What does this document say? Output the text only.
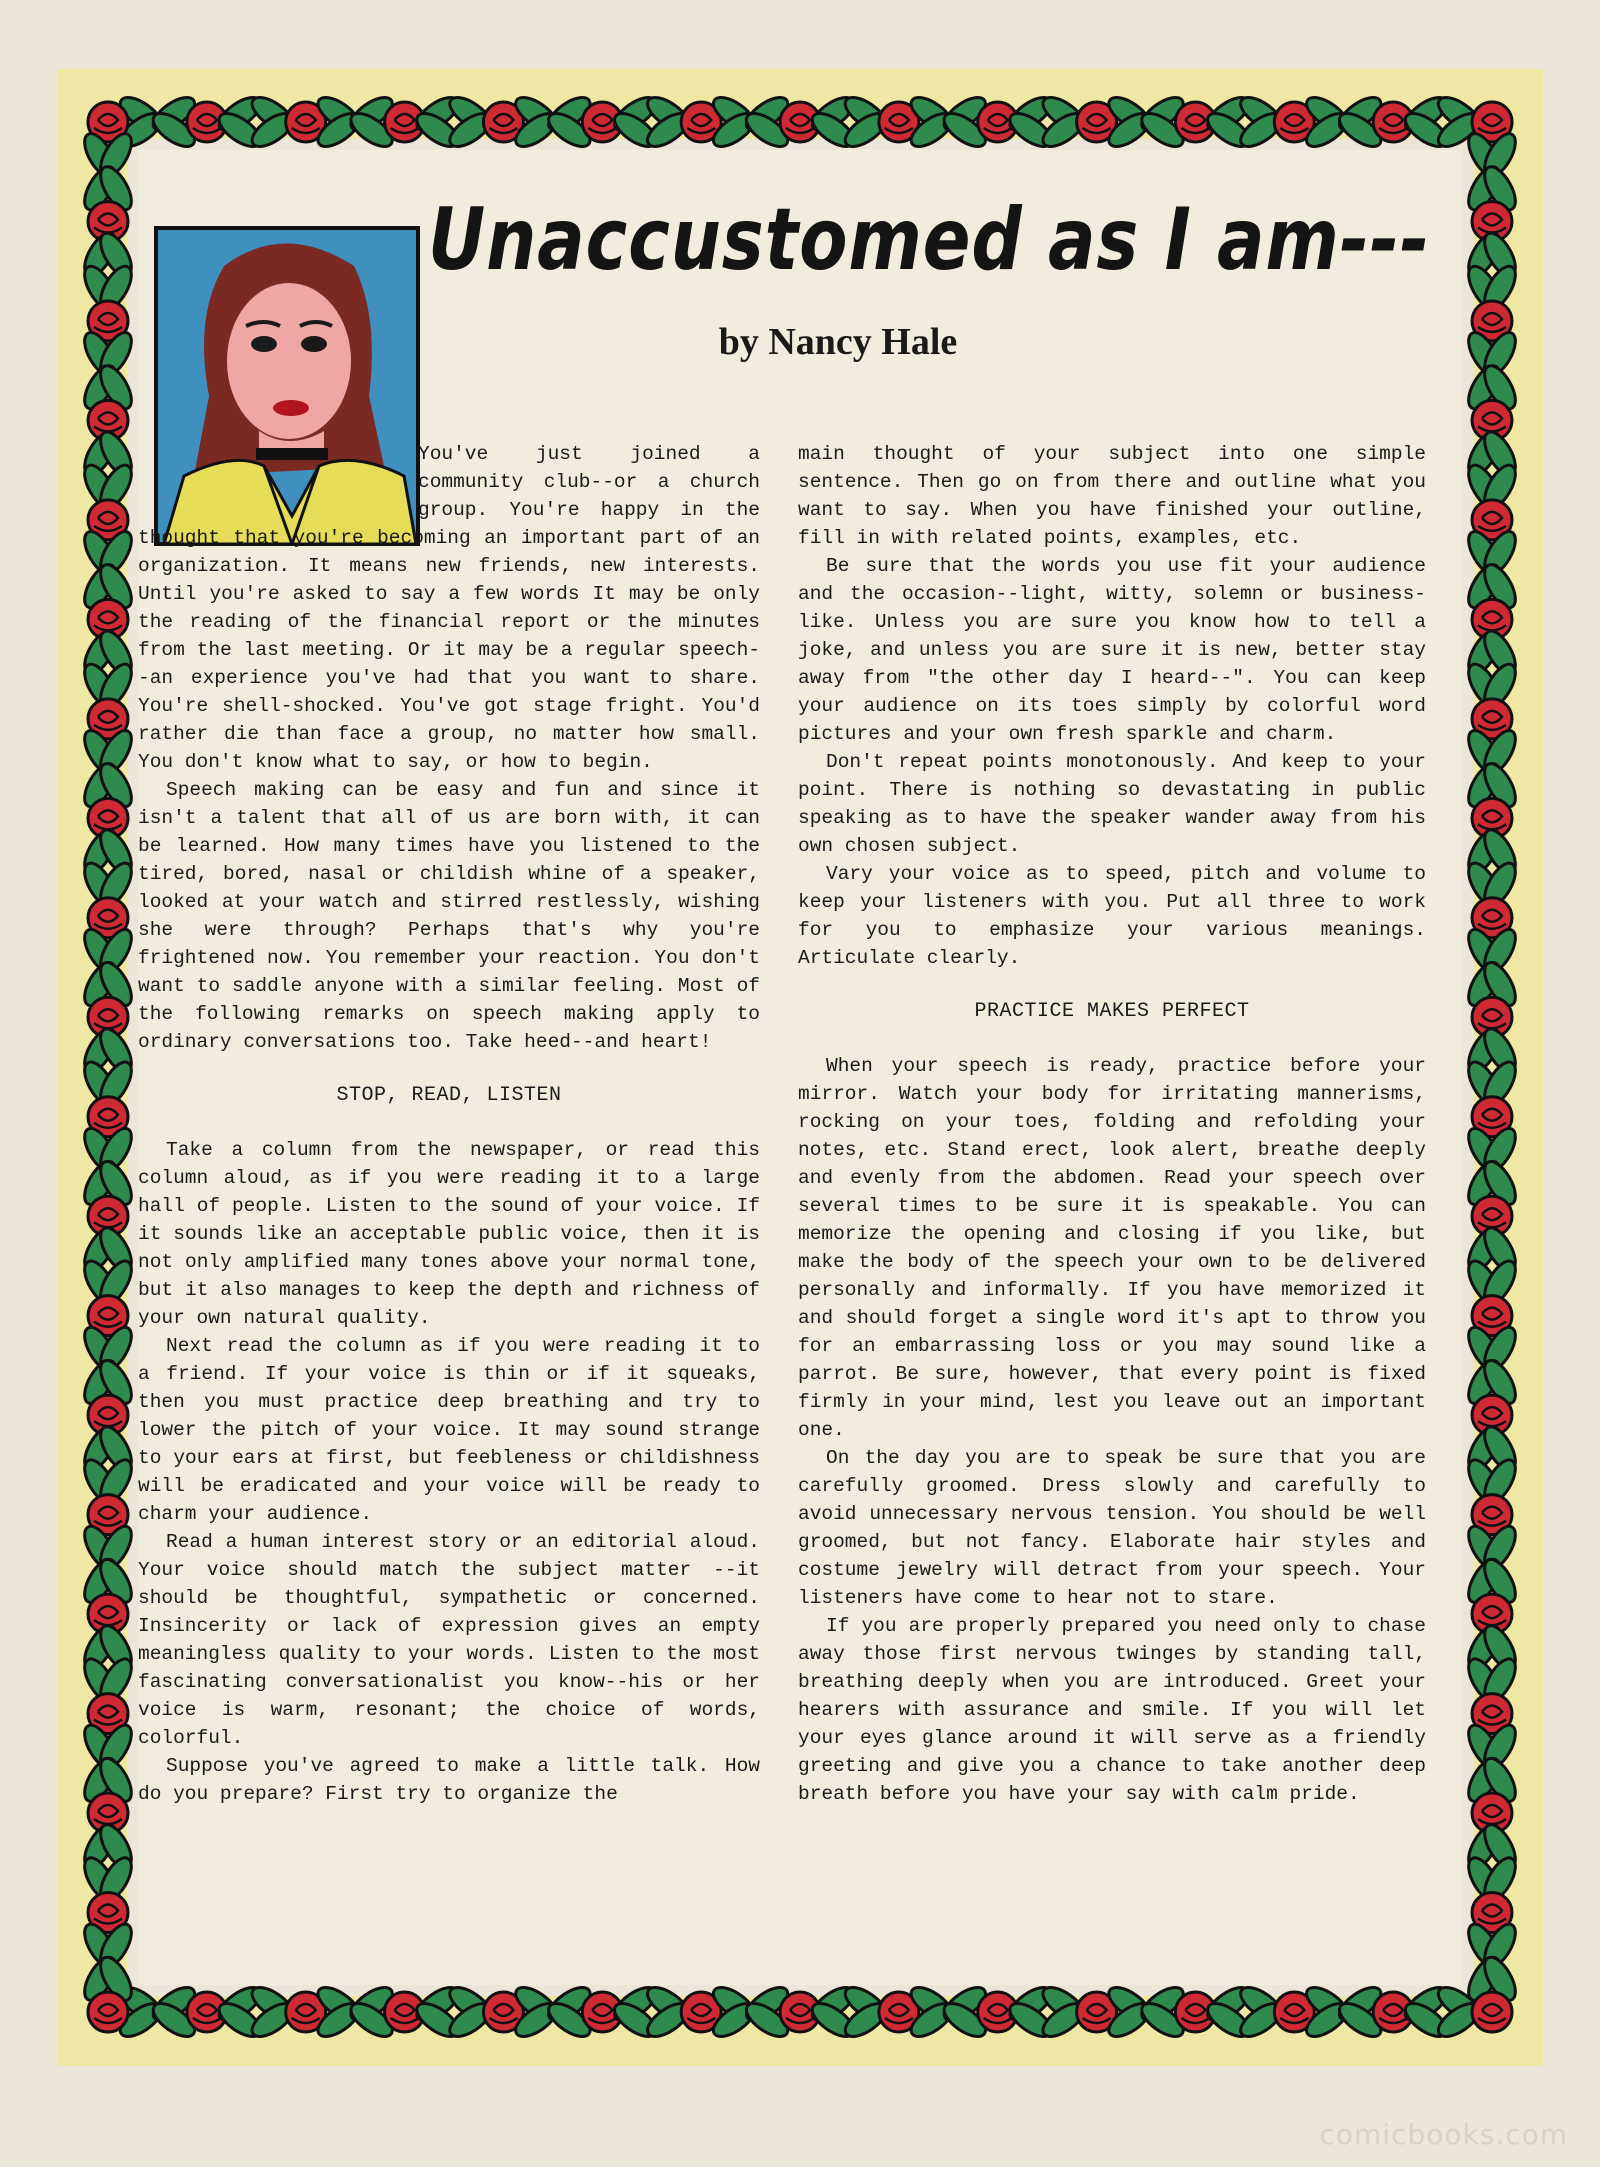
Unaccustomed as I am---
by Nancy Hale

You've just joined a community club--or a church group. You're happy in the thought that you're becoming an important part of an organization. It means new friends, new interests. Until you're asked to say a few words It may be only the reading of the financial report or the minutes from the last meeting. Or it may be a regular speech--an experience you've had that you want to share. You're shell-shocked. You've got stage fright. You'd rather die than face a group, no matter how small. You don't know what to say, or how to begin.

Speech making can be easy and fun and since it isn't a talent that all of us are born with, it can be learned. How many times have you listened to the tired, bored, nasal or childish whine of a speaker, looked at your watch and stirred restlessly, wishing she were through? Perhaps that's why you're frightened now. You remember your reaction. You don't want to saddle anyone with a similar feeling. Most of the following remarks on speech making apply to ordinary conversations too. Take heed--and heart!

STOP, READ, LISTEN

Take a column from the newspaper, or read this column aloud, as if you were reading it to a large hall of people. Listen to the sound of your voice. If it sounds like an acceptable public voice, then it is not only amplified many tones above your normal tone, but it also manages to keep the depth and richness of your own natural quality.

Next read the column as if you were reading it to a friend. If your voice is thin or if it squeaks, then you must practice deep breathing and try to lower the pitch of your voice. It may sound strange to your ears at first, but feebleness or childishness will be eradicated and your voice will be ready to charm your audience.

Read a human interest story or an editorial aloud. Your voice should match the subject matter --it should be thoughtful, sympathetic or concerned. Insincerity or lack of expression gives an empty meaningless quality to your words. Listen to the most fascinating conversationalist you know--his or her voice is warm, resonant; the choice of words, colorful.

Suppose you've agreed to make a little talk. How do you prepare? First try to organize the

main thought of your subject into one simple sentence. Then go on from there and outline what you want to say. When you have finished your outline, fill in with related points, examples, etc.

Be sure that the words you use fit your audience and the occasion--light, witty, solemn or business-like. Unless you are sure you know how to tell a joke, and unless you are sure it is new, better stay away from "the other day I heard--". You can keep your audience on its toes simply by colorful word pictures and your own fresh sparkle and charm.

Don't repeat points monotonously. And keep to your point. There is nothing so devastating in public speaking as to have the speaker wander away from his own chosen subject.

Vary your voice as to speed, pitch and volume to keep your listeners with you. Put all three to work for you to emphasize your various meanings. Articulate clearly.

PRACTICE MAKES PERFECT

When your speech is ready, practice before your mirror. Watch your body for irritating mannerisms, rocking on your toes, folding and refolding your notes, etc. Stand erect, look alert, breathe deeply and evenly from the abdomen. Read your speech over several times to be sure it is speakable. You can memorize the opening and closing if you like, but make the body of the speech your own to be delivered personally and informally. If you have memorized it and should forget a single word it's apt to throw you for an embarrassing loss or you may sound like a parrot. Be sure, however, that every point is fixed firmly in your mind, lest you leave out an important one.

On the day you are to speak be sure that you are carefully groomed. Dress slowly and carefully to avoid unnecessary nervous tension. You should be well groomed, but not fancy. Elaborate hair styles and costume jewelry will detract from your speech. Your listeners have come to hear not to stare.

If you are properly prepared you need only to chase away those first nervous twinges by standing tall, breathing deeply when you are introduced. Greet your hearers with assurance and smile. If you will let your eyes glance around it will serve as a friendly greeting and give you a chance to take another deep breath before you have your say with calm pride.

comicbooks.com
